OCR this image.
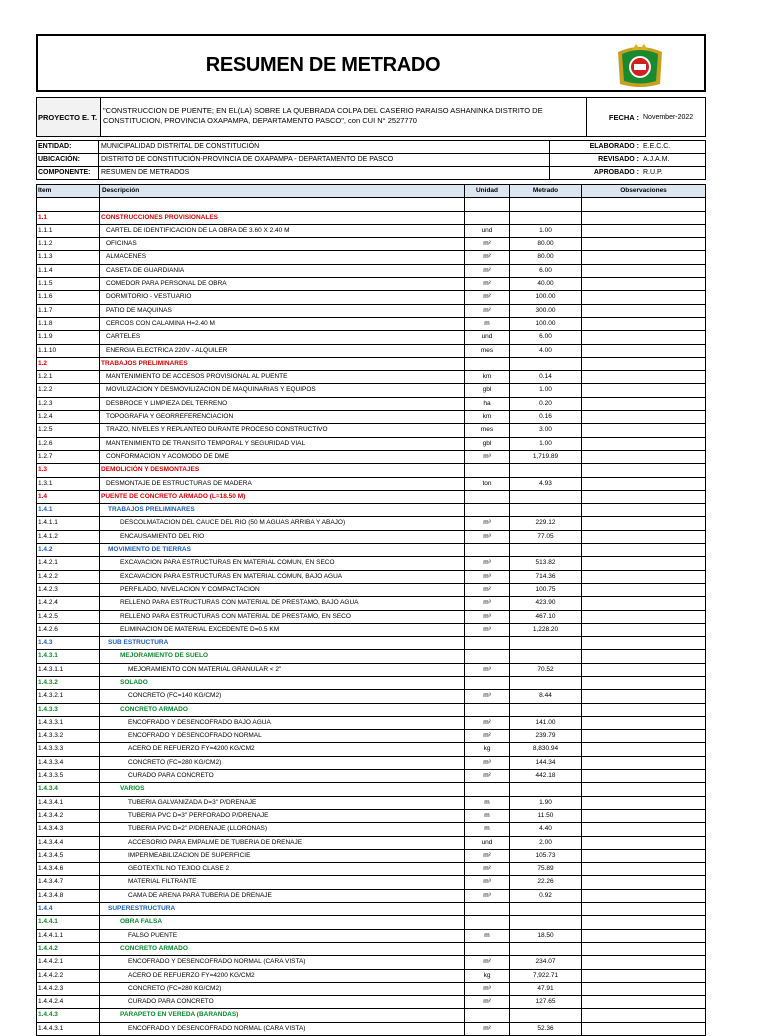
RESUMEN DE METRADO
PROYECTO E. T.
"CONSTRUCCION DE PUENTE; EN EL(LA) SOBRE LA QUEBRADA COLPA DEL CASERIO PARAISO ASHANINKA DISTRITO DE CONSTITUCION, PROVINCIA OXAPAMPA, DEPARTAMENTO PASCO", con CUI N° 2527770	FECHA : November-2022
ENTIDAD:	MUNICIPALIDAD DISTRITAL DE CONSTITUCIÓN	ELABORADO : E.E.C.C.
UBICACIÓN:	DISTRITO DE CONSTITUCIÓN-PROVINCIA DE OXAPAMPA - DEPARTAMENTO DE PASCO	REVISADO : A.J.A.M.
COMPONENTE:	RESUMEN DE METRADOS	APROBADO : R.U.P.
Item	Descripción	Unidad	Metrado	Observaciones
1.1	CONSTRUCCIONES PROVISIONALES
1.1.1	CARTEL DE IDENTIFICACION DE LA OBRA DE 3.60 X 2.40 M	und	1.00
1.1.2	OFICINAS	m²	80.00
1.1.3	ALMACENES	m²	80.00
1.1.4	CASETA DE GUARDIANIA	m²	6.00
1.1.5	COMEDOR PARA PERSONAL DE OBRA	m²	40.00
1.1.6	DORMITORIO - VESTUARIO	m²	100.00
1.1.7	PATIO DE MAQUINAS	m²	300.00
1.1.8	CERCOS CON CALAMINA H=2.40 M	m	100.00
1.1.9	CARTELES	und	6.00
1.1.10	ENERGIA ELECTRICA 220V - ALQUILER	mes	4.00
1.2	TRABAJOS PRELIMINARES
1.2.1	MANTENIMIENTO DE ACCESOS PROVISIONAL AL PUENTE	km	0.14
1.2.2	MOVILIZACION Y DESMOVILIZACION DE MAQUINARIAS Y EQUIPOS	gbl	1.00
1.2.3	DESBROCE Y LIMPIEZA DEL TERRENO	ha	0.20
1.2.4	TOPOGRAFIA Y GEORREFERENCIACION	km	0.16
1.2.5	TRAZO, NIVELES Y REPLANTEO DURANTE PROCESO CONSTRUCTIVO	mes	3.00
1.2.6	MANTENIMIENTO DE TRANSITO TEMPORAL Y SEGURIDAD VIAL	gbl	1.00
1.2.7	CONFORMACION Y ACOMODO DE DME	m³	1,719.89
1.3	DEMOLICIÓN Y DESMONTAJES
1.3.1	DESMONTAJE DE ESTRUCTURAS DE MADERA	ton	4.93
1.4	PUENTE DE CONCRETO ARMADO (L=18.50 M)
1.4.1	TRABAJOS PRELIMINARES
1.4.1.1	DESCOLMATACION DEL CAUCE DEL RIO (50 M AGUAS ARRIBA Y ABAJO)	m³	229.12
1.4.1.2	ENCAUSAMIENTO DEL RIO	m³	77.05
1.4.2	MOVIMIENTO DE TIERRAS
1.4.2.1	EXCAVACION PARA ESTRUCTURAS EN MATERIAL COMUN, EN SECO	m³	513.82
1.4.2.2	EXCAVACION PARA ESTRUCTURAS EN MATERIAL COMUN, BAJO AGUA	m³	714.36
1.4.2.3	PERFILADO, NIVELACION Y COMPACTACION	m²	100.75
1.4.2.4	RELLENO PARA ESTRUCTURAS CON MATERIAL DE PRESTAMO, BAJO AGUA	m³	423.90
1.4.2.5	RELLENO PARA ESTRUCTURAS CON MATERIAL DE PRESTAMO, EN SECO	m³	467.10
1.4.2.6	ELIMINACION DE MATERIAL EXCEDENTE D=0.5 KM	m³	1,228.20
1.4.3	SUB ESTRUCTURA
1.4.3.1	MEJORAMIENTO DE SUELO
1.4.3.1.1	MEJORAMIENTO CON MATERIAL GRANULAR < 2"	m³	70.52
1.4.3.2	SOLADO
1.4.3.2.1	CONCRETO (FC=140 KG/CM2)	m³	8.44
1.4.3.3	CONCRETO ARMADO
1.4.3.3.1	ENCOFRADO Y DESENCOFRADO BAJO AGUA	m²	141.00
1.4.3.3.2	ENCOFRADO Y DESENCOFRADO NORMAL	m²	239.79
1.4.3.3.3	ACERO DE REFUERZO FY=4200 KG/CM2	kg	8,830.94
1.4.3.3.4	CONCRETO (FC=280 KG/CM2)	m³	144.34
1.4.3.3.5	CURADO PARA CONCRETO	m²	442.18
1.4.3.4	VARIOS
1.4.3.4.1	TUBERIA GALVANIZADA D=3" P/DRENAJE	m	1.90
1.4.3.4.2	TUBERIA PVC D=3" PERFORADO P/DRENAJE	m	11.50
1.4.3.4.3	TUBERIA PVC D=2" P/DRENAJE (LLORONAS)	m	4.40
1.4.3.4.4	ACCESORIO PARA EMPALME DE TUBERIA DE DRENAJE	und	2.00
1.4.3.4.5	IMPERMEABILIZACION DE SUPERFICIE	m²	105.73
1.4.3.4.6	GEOTEXTIL NO TEJIDO CLASE 2	m²	75.89
1.4.3.4.7	MATERIAL FILTRANTE	m³	22.26
1.4.3.4.8	CAMA DE ARENA PARA TUBERIA DE DRENAJE	m³	0.92
1.4.4	SUPERESTRUCTURA
1.4.4.1	OBRA FALSA
1.4.4.1.1	FALSO PUENTE	m	18.50
1.4.4.2	CONCRETO ARMADO
1.4.4.2.1	ENCOFRADO Y DESENCOFRADO NORMAL (CARA VISTA)	m²	234.07
1.4.4.2.2	ACERO DE REFUERZO FY=4200 KG/CM2	kg	7,922.71
1.4.4.2.3	CONCRETO (FC=280 KG/CM2)	m³	47.91
1.4.4.2.4	CURADO PARA CONCRETO	m²	127.65
1.4.4.3	PARAPETO EN VEREDA (BARANDAS)
1.4.4.3.1	ENCOFRADO Y DESENCOFRADO NORMAL (CARA VISTA)	m²	52.36
